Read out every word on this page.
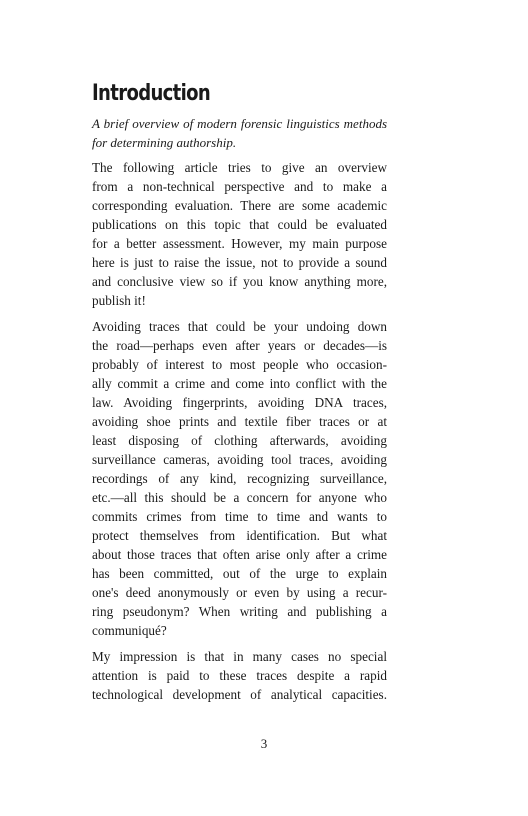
Introduction
A brief overview of modern forensic linguistics methods
for determining authorship.
The following article tries to give an overview
from a non-technical perspective and to make a
corresponding evaluation. There are some academic
publications on this topic that could be evaluated
for a better assessment. However, my main purpose
here is just to raise the issue, not to provide a sound
and conclusive view so if you know anything more,
publish it!
Avoiding traces that could be your undoing down
the road—perhaps even after years or decades—is
probably of interest to most people who occasion-
ally commit a crime and come into conflict with the
law. Avoiding fingerprints, avoiding DNA traces,
avoiding shoe prints and textile fiber traces or at
least disposing of clothing afterwards, avoiding
surveillance cameras, avoiding tool traces, avoiding
recordings of any kind, recognizing surveillance,
etc.—all this should be a concern for anyone who
commits crimes from time to time and wants to
protect themselves from identification. But what
about those traces that often arise only after a crime
has been committed, out of the urge to explain
one's deed anonymously or even by using a recur-
ring pseudonym? When writing and publishing a
communiqué?
My impression is that in many cases no special
attention is paid to these traces despite a rapid
technological development of analytical capacities.
3
